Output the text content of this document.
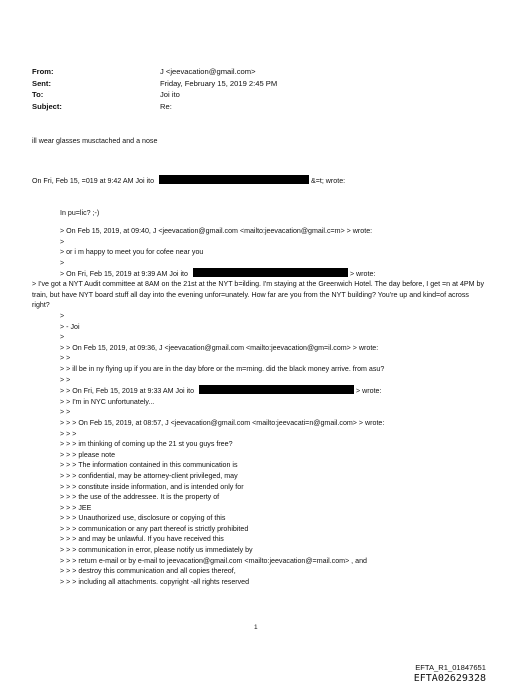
From:	J <jeevacation@gmail.com>
Sent:	Friday, February 15, 2019 2:45 PM
To:	Joi ito
Subject:	Re:
ill wear glasses musctached and a nose
On Fri, Feb 15, =019 at 9:42 AM Joi ito	&=t; wrote:
In pu=lic? ;-)
> On Feb 15, 2019, at 09:40, J <jeevacation@gmail.com <mailto:jeevacation@gmail.c=m> > wrote:
>
> or i m happy to meet you for cofee near you
>
> On Fri, Feb 15, 2019 at 9:39 AM Joi ito	> wrote:
> I've got a NYT Audit committee at 8AM on the 21st at the NYT b=ilding. I'm staying at the Greenwich Hotel. The day before, I get =n at 4PM by train, but have NYT board stuff all day into the evening unfor=unately. How far are you from the NYT building? You're up and kind=of across right?
>
> - Joi
>
> > On Feb 15, 2019, at 09:36, J <jeevacation@gmail.com <mailto:jeevacation@gm=il.com> > wrote:
> >
> > ill be in ny flying up if you are in the day bfore or the m=rning. did the black money arrive. from asu?
> >
> > On Fri, Feb 15, 2019 at 9:33 AM Joi ito	> wrote:
> > I'm in NYC unfortunately...
> >
> > > On Feb 15, 2019, at 08:57, J <jeevacation@gmail.com <mailto:jeevacati=n@gmail.com> > wrote:
> > >
> > > im thinking of coming up the 21 st you guys free?
> > > please note
> > > The information contained in this communication is
> > > confidential, may be attorney-client privileged, may
> > > constitute inside information, and is intended only for
> > > the use of the addressee. It is the property of
> > > JEE
> > > Unauthorized use, disclosure or copying of this
> > > communication or any part thereof is strictly prohibited
> > > and may be unlawful. If you have received this
> > > communication in error, please notify us immediately by
> > > return e-mail or by e-mail to jeevacation@gmail.com <mailto:jeevacation@=mail.com> , and
> > > destroy this communication and all copies thereof,
> > > including all attachments. copyright -all rights reserved
1
EFTA_R1_01847651
EFTA02629328
